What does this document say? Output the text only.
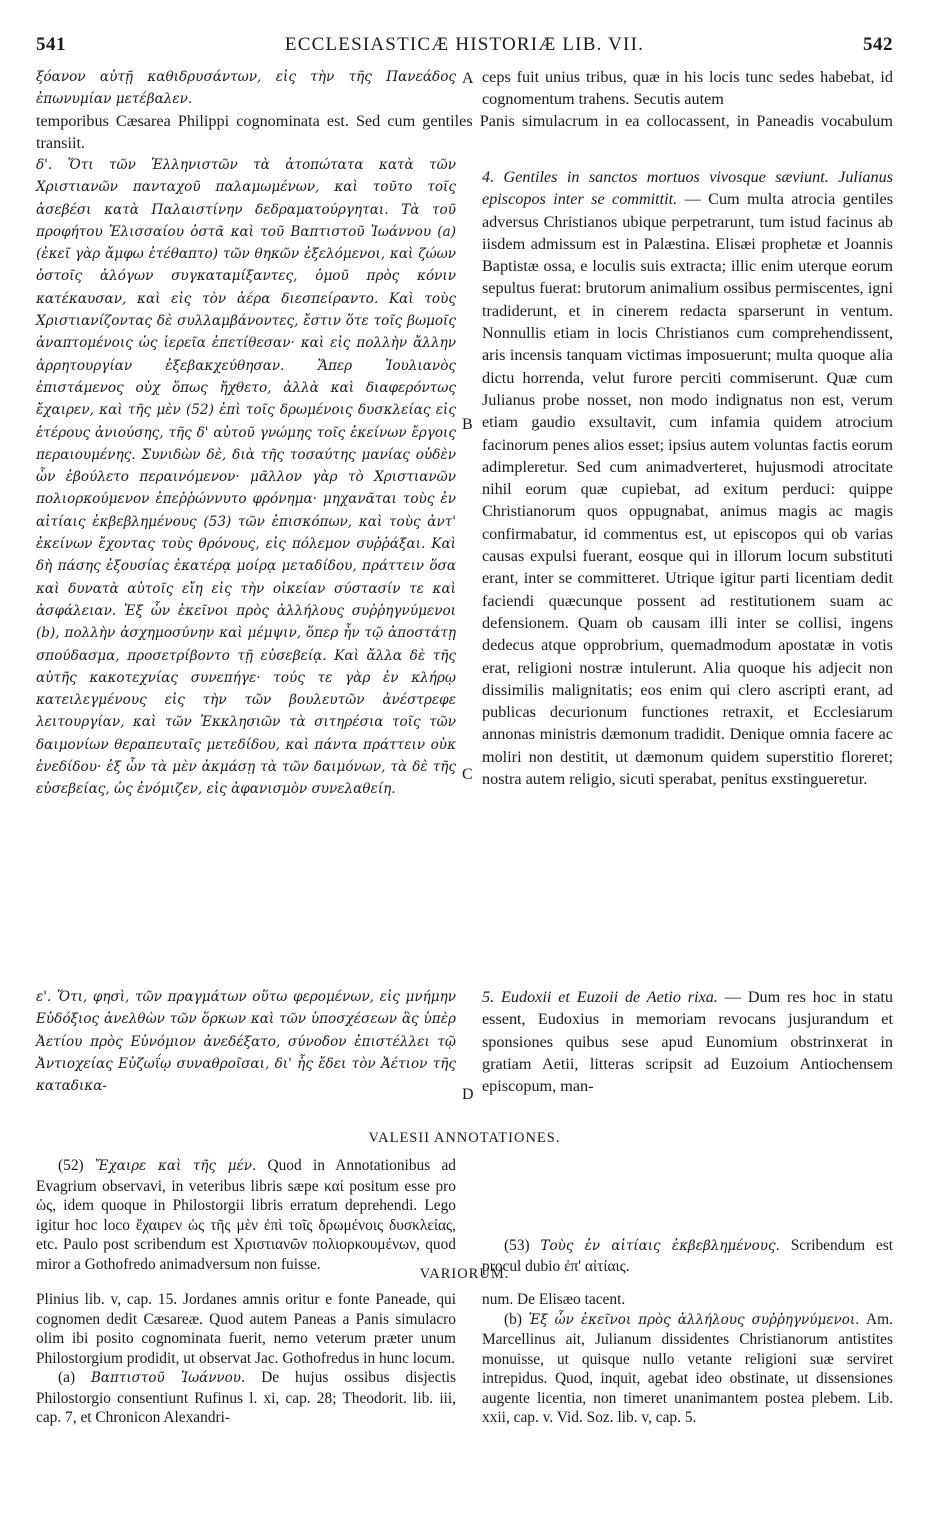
541	ECCLESIASTICÆ HISTORIÆ LIB. VII.	542
ξόανον αὐτῇ καθιδρυσάντων, εἰς τὴν τῆς Πανεάδος ἐπωνυμίαν μετέβαλεν.
ceps fuit unius tribus, quæ in his locis tunc sedes habebat, id cognomentum trahens. Secutis autem
A
temporibus Cæsarea Philippi cognominata est. Sed cum gentiles Panis simulacrum in ea collocassent, in Paneadis vocabulum transiit.
δ'. Ὅτι τῶν Ἑλληνιστῶν τὰ ἀτοπώτατα κατὰ τῶν Χριστιανῶν πανταχοῦ παλαμωμένων, καὶ τοῦτο τοῖς ἀσεβέσι κατὰ Παλαιστίνην δεδραματούργηται. Τὰ τοῦ προφήτου Ἐλισσαίου ὀστᾶ καὶ τοῦ Βαπτιστοῦ Ἰωάννου (a) (ἐκεῖ γὰρ ἄμφω ἐτέθαπτο) τῶν θηκῶν ἐξελόμενοι, καὶ ζώων ὀστοῖς ἀλόγων συγκαταμίξαντες, ὁμοῦ πρὸς κόνιν κατέκαυσαν, καὶ εἰς τὸν ἀέρα διεσπείραντο. Καὶ τοὺς Χριστιανίζοντας δὲ συλλαμβάνοντες, ἔστιν ὅτε τοῖς βωμοῖς ἀναπτομένοις ὡς ἱερεῖα ἐπετίθεσαν· καὶ εἰς πολλὴν ἄλλην ἀρρητουργίαν ἐξεβακχεύθησαν. Ἅπερ Ἰουλιανὸς ἐπιστάμενος οὐχ ὅπως ἤχθετο, ἀλλὰ καὶ διαφερόντως ἔχαιρεν, καὶ τῆς μὲν (52) ἐπὶ τοῖς δρωμένοις δυσκλείας εἰς ἑτέρους ἀνιούσης, τῆς δ' αὐτοῦ γνώμης τοῖς ἐκείνων ἔργοις περαιουμένης. Συνιδὼν δὲ, διὰ τῆς τοσαύτης μανίας οὐδὲν ὧν ἐβούλετο περαινόμενον· μᾶλλον γὰρ τὸ Χριστιανῶν πολιορκούμενον ἐπεῤῥώννυτο φρόνημα· μηχανᾶται τοὺς ἐν αἰτίαις ἐκβεβλημένους (53) τῶν ἐπισκόπων, καὶ τοὺς ἀντ' ἐκείνων ἔχοντας τοὺς θρόνους, εἰς πόλεμον συῤῥάξαι. Καὶ δὴ πάσης ἐξουσίας ἑκατέρᾳ μοίρᾳ μεταδίδου, πράττειν ὅσα καὶ δυνατὰ αὐτοῖς εἴη εἰς τὴν οἰκείαν σύστασίν τε καὶ ἀσφάλειαν. Ἐξ ὧν ἐκεῖνοι πρὸς ἀλλήλους συῤῥηγνύμενοι (b), πολλὴν ἀσχημοσύνην καὶ μέμψιν, ὅπερ ἦν τῷ ἀποστάτῃ σπούδασμα, προσετρίβοντο τῇ εὐσεβείᾳ. Καὶ ἄλλα δὲ τῆς αὐτῆς κακοτεχνίας συνεπήγε· τούς τε γὰρ ἐν κλήρῳ κατειλεγμένους εἰς τὴν τῶν βουλευτῶν ἀνέστρεφε λειτουργίαν, καὶ τῶν Ἐκκλησιῶν τὰ σιτηρέσια τοῖς τῶν δαιμονίων θεραπευταῖς μετεδίδου, καὶ πάντα πράττειν οὐκ ἐνεδίδου· ἐξ ὧν τὰ μὲν ἀκμάσῃ τὰ τῶν δαιμόνων, τὰ δὲ τῆς εὐσεβείας, ὡς ἐνόμιζεν, εἰς ἀφανισμὸν συνελαθείη.
4. Gentiles in sanctos mortuos vivosque sæviunt. Julianus episcopos inter se committit. — Cum multa atrocia gentiles adversus Christianos ubique perpetrarunt, tum istud facinus ab iisdem admissum est in Palæstina. Elisæi prophetæ et Joannis Baptistæ ossa, e loculis suis extracta; illic enim uterque eorum sepultus fuerat: brutorum animalium ossibus permiscentes, igni tradiderunt, et in cinerem redacta sparserunt in ventum. Nonnullis etiam in locis Christianos cum comprehendissent, aris incensis tanquam victimas imposuerunt; multa quoque alia dictu horrenda, velut furore perciti commiserunt. Quæ cum Julianus probe nosset, non modo indignatus non est, verum etiam gaudio exsultavit, cum infamia quidem atrocium facinorum penes alios esset; ipsius autem voluntas factis eorum adimpleretur. Sed cum animadverteret, hujusmodi atrocitate nihil eorum quæ cupiebat, ad exitum perduci: quippe Christianorum quos oppugnabat, animus magis ac magis confirmabatur, id commentus est, ut episcopos qui ob varias causas expulsi fuerant, eosque qui in illorum locum substituti erant, inter se committeret. Utrique igitur parti licentiam dedit faciendi quæcunque possent ad restitutionem suam ac defensionem. Quam ob causam illi inter se collisi, ingens dedecus atque opprobrium, quemadmodum apostatæ in votis erat, religioni nostræ intulerunt. Alia quoque his adjecit non dissimilis malignitatis; eos enim qui clero ascripti erant, ad publicas decurionum functiones retraxit, et Ecclesiarum annonas ministris dæmonum tradidit. Denique omnia facere ac moliri non destitit, ut dæmonum quidem superstitio floreret; nostra autem religio, sicuti sperabat, penitus exstingueretur.
B
C
ε'. Ὅτι, φησὶ, τῶν πραγμάτων οὕτω φερομένων, εἰς μνήμην Εὐδόξιος ἀνελθὼν τῶν ὅρκων καὶ τῶν ὑποσχέσεων ἃς ὑπὲρ Ἀετίου πρὸς Εὐνόμιον ἀνεδέξατο, σύνοδον ἐπιστέλλει τῷ Ἀντιοχείας Εὐζωΐῳ συναθροῖσαι, δι' ἧς ἔδει τὸν Ἀέτιον τῆς καταδικα-
5. Eudoxii et Euzoii de Aetio rixa. — Dum res hoc in statu essent, Eudoxius in memoriam revocans jusjurandum et sponsiones quibus sese apud Eunomium obstrinxerat in gratiam Aetii, litteras scripsit ad Euzoium Antiochensem episcopum, man-
D
VALESII ANNOTATIONES.

(52) Ἔχαιρε καὶ τῆς μέν. Quod in Annotationibus ad Evagrium observavi, in veteribus libris sæpe καί positum esse pro ὡς, idem quoque in Philostorgii libris erratum deprehendi. Lego igitur hoc loco ἔχαιρεν ὡς τῆς μὲν ἐπὶ τοῖς δρωμένοις δυσκλείας, etc. Paulo post scribendum est Χριστιανῶν πολιορκουμένων, quod miror a Gothofredo animadversum non fuisse.

(53) Τοὺς ἐν αἰτίαις ἐκβεβλημένους. Scribendum est procul dubio ἐπ' αἰτίαις.

VARIORUM.

Plinius lib. v, cap. 15. Jordanes amnis oritur e fonte Paneade, qui cognomen dedit Cæsareæ. Quod autem Paneas a Panis simulacro olim ibi posito cognominata fuerit, nemo veterum præter unum Philostorgium prodidit, ut observat Jac. Gothofredus in hunc locum.

(a) Βαπτιστοῦ Ἰωάννου. De hujus ossibus disjectis Philostorgio consentiunt Rufinus l. xi, cap. 28; Theodorit. lib. iii, cap. 7, et Chronicon Alexandri-

num. De Elisæo tacent.

(b) Ἐξ ὧν ἐκεῖνοι πρὸς ἀλλήλους συῤῥηγνύμενοι. Am. Marcellinus ait, Julianum dissidentes Christianorum antistites monuisse, ut quisque nullo vetante religioni suæ serviret intrepidus. Quod, inquit, agebat ideo obstinate, ut dissensiones augente licentia, non timeret unanimantem postea plebem. Lib. xxii, cap. v. Vid. Soz. lib. v, cap. 5.
